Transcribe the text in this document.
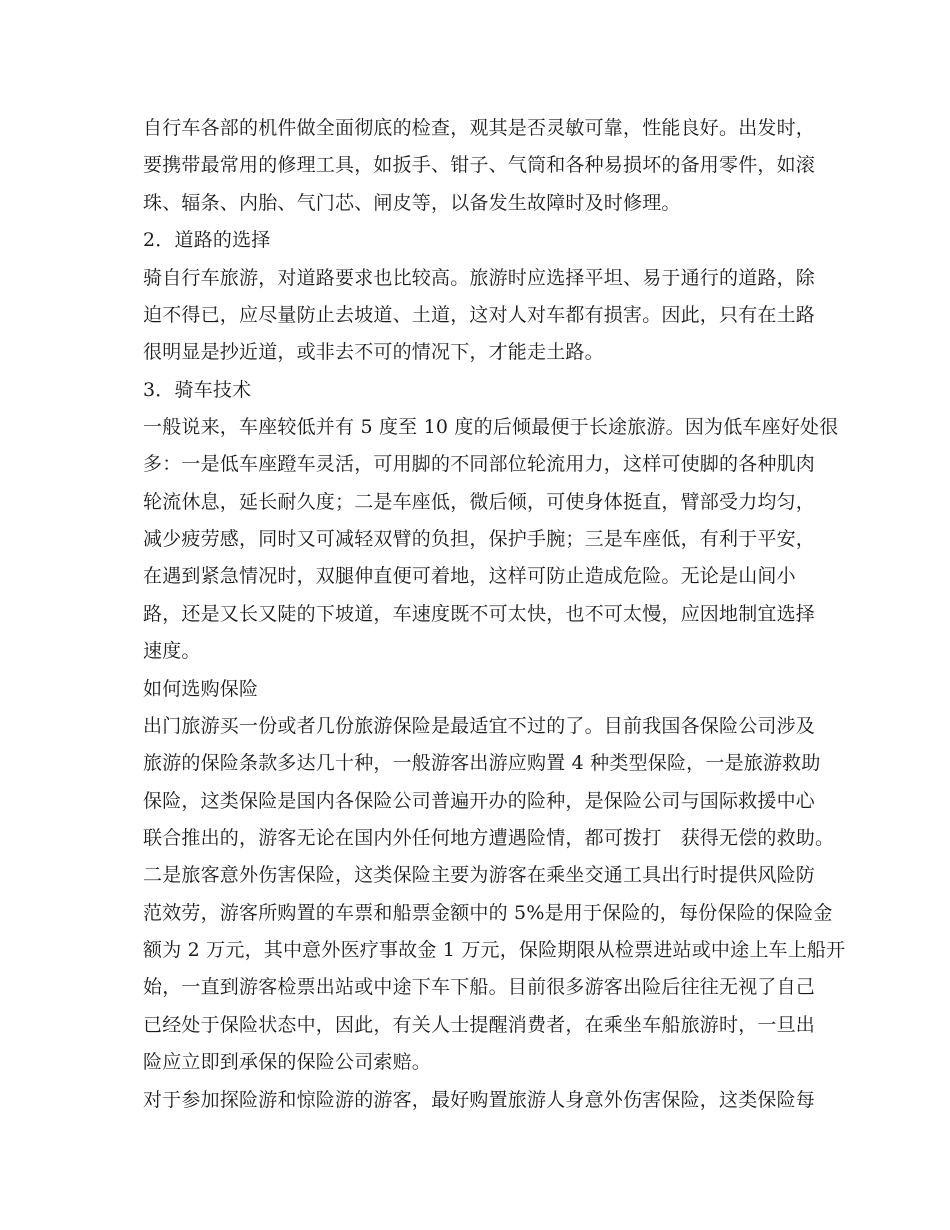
自行车各部的机件做全面彻底的检查，观其是否灵敏可靠，性能良好。出发时，
要携带最常用的修理工具，如扳手、钳子、气筒和各种易损坏的备用零件，如滚
珠、辐条、内胎、气门芯、闸皮等，以备发生故障时及时修理。
2．道路的选择
骑自行车旅游，对道路要求也比较高。旅游时应选择平坦、易于通行的道路，除
迫不得已，应尽量防止去坡道、土道，这对人对车都有损害。因此，只有在土路
很明显是抄近道，或非去不可的情况下，才能走土路。
3．骑车技术
一般说来，车座较低并有 5 度至 10 度的后倾最便于长途旅游。因为低车座好处很
多：一是低车座蹬车灵活，可用脚的不同部位轮流用力，这样可使脚的各种肌肉
轮流休息，延长耐久度；二是车座低，微后倾，可使身体挺直，臂部受力均匀，
减少疲劳感，同时又可减轻双臂的负担，保护手腕；三是车座低，有利于平安，
在遇到紧急情况时，双腿伸直便可着地，这样可防止造成危险。无论是山间小
路，还是又长又陡的下坡道，车速度既不可太快，也不可太慢，应因地制宜选择
速度。
如何选购保险
出门旅游买一份或者几份旅游保险是最适宜不过的了。目前我国各保险公司涉及
旅游的保险条款多达几十种，一般游客出游应购置 4 种类型保险，一是旅游救助
保险，这类保险是国内各保险公司普遍开办的险种，是保险公司与国际救援中心
联合推出的，游客无论在国内外任何地方遭遇险情，都可拨打　获得无偿的救助。
二是旅客意外伤害保险，这类保险主要为游客在乘坐交通工具出行时提供风险防
范效劳，游客所购置的车票和船票金额中的 5%是用于保险的，每份保险的保险金
额为 2 万元，其中意外医疗事故金 1 万元，保险期限从检票进站或中途上车上船开
始，一直到游客检票出站或中途下车下船。目前很多游客出险后往往无视了自己
已经处于保险状态中，因此，有关人士提醒消费者，在乘坐车船旅游时，一旦出
险应立即到承保的保险公司索赔。
对于参加探险游和惊险游的游客，最好购置旅游人身意外伤害保险，这类保险每
